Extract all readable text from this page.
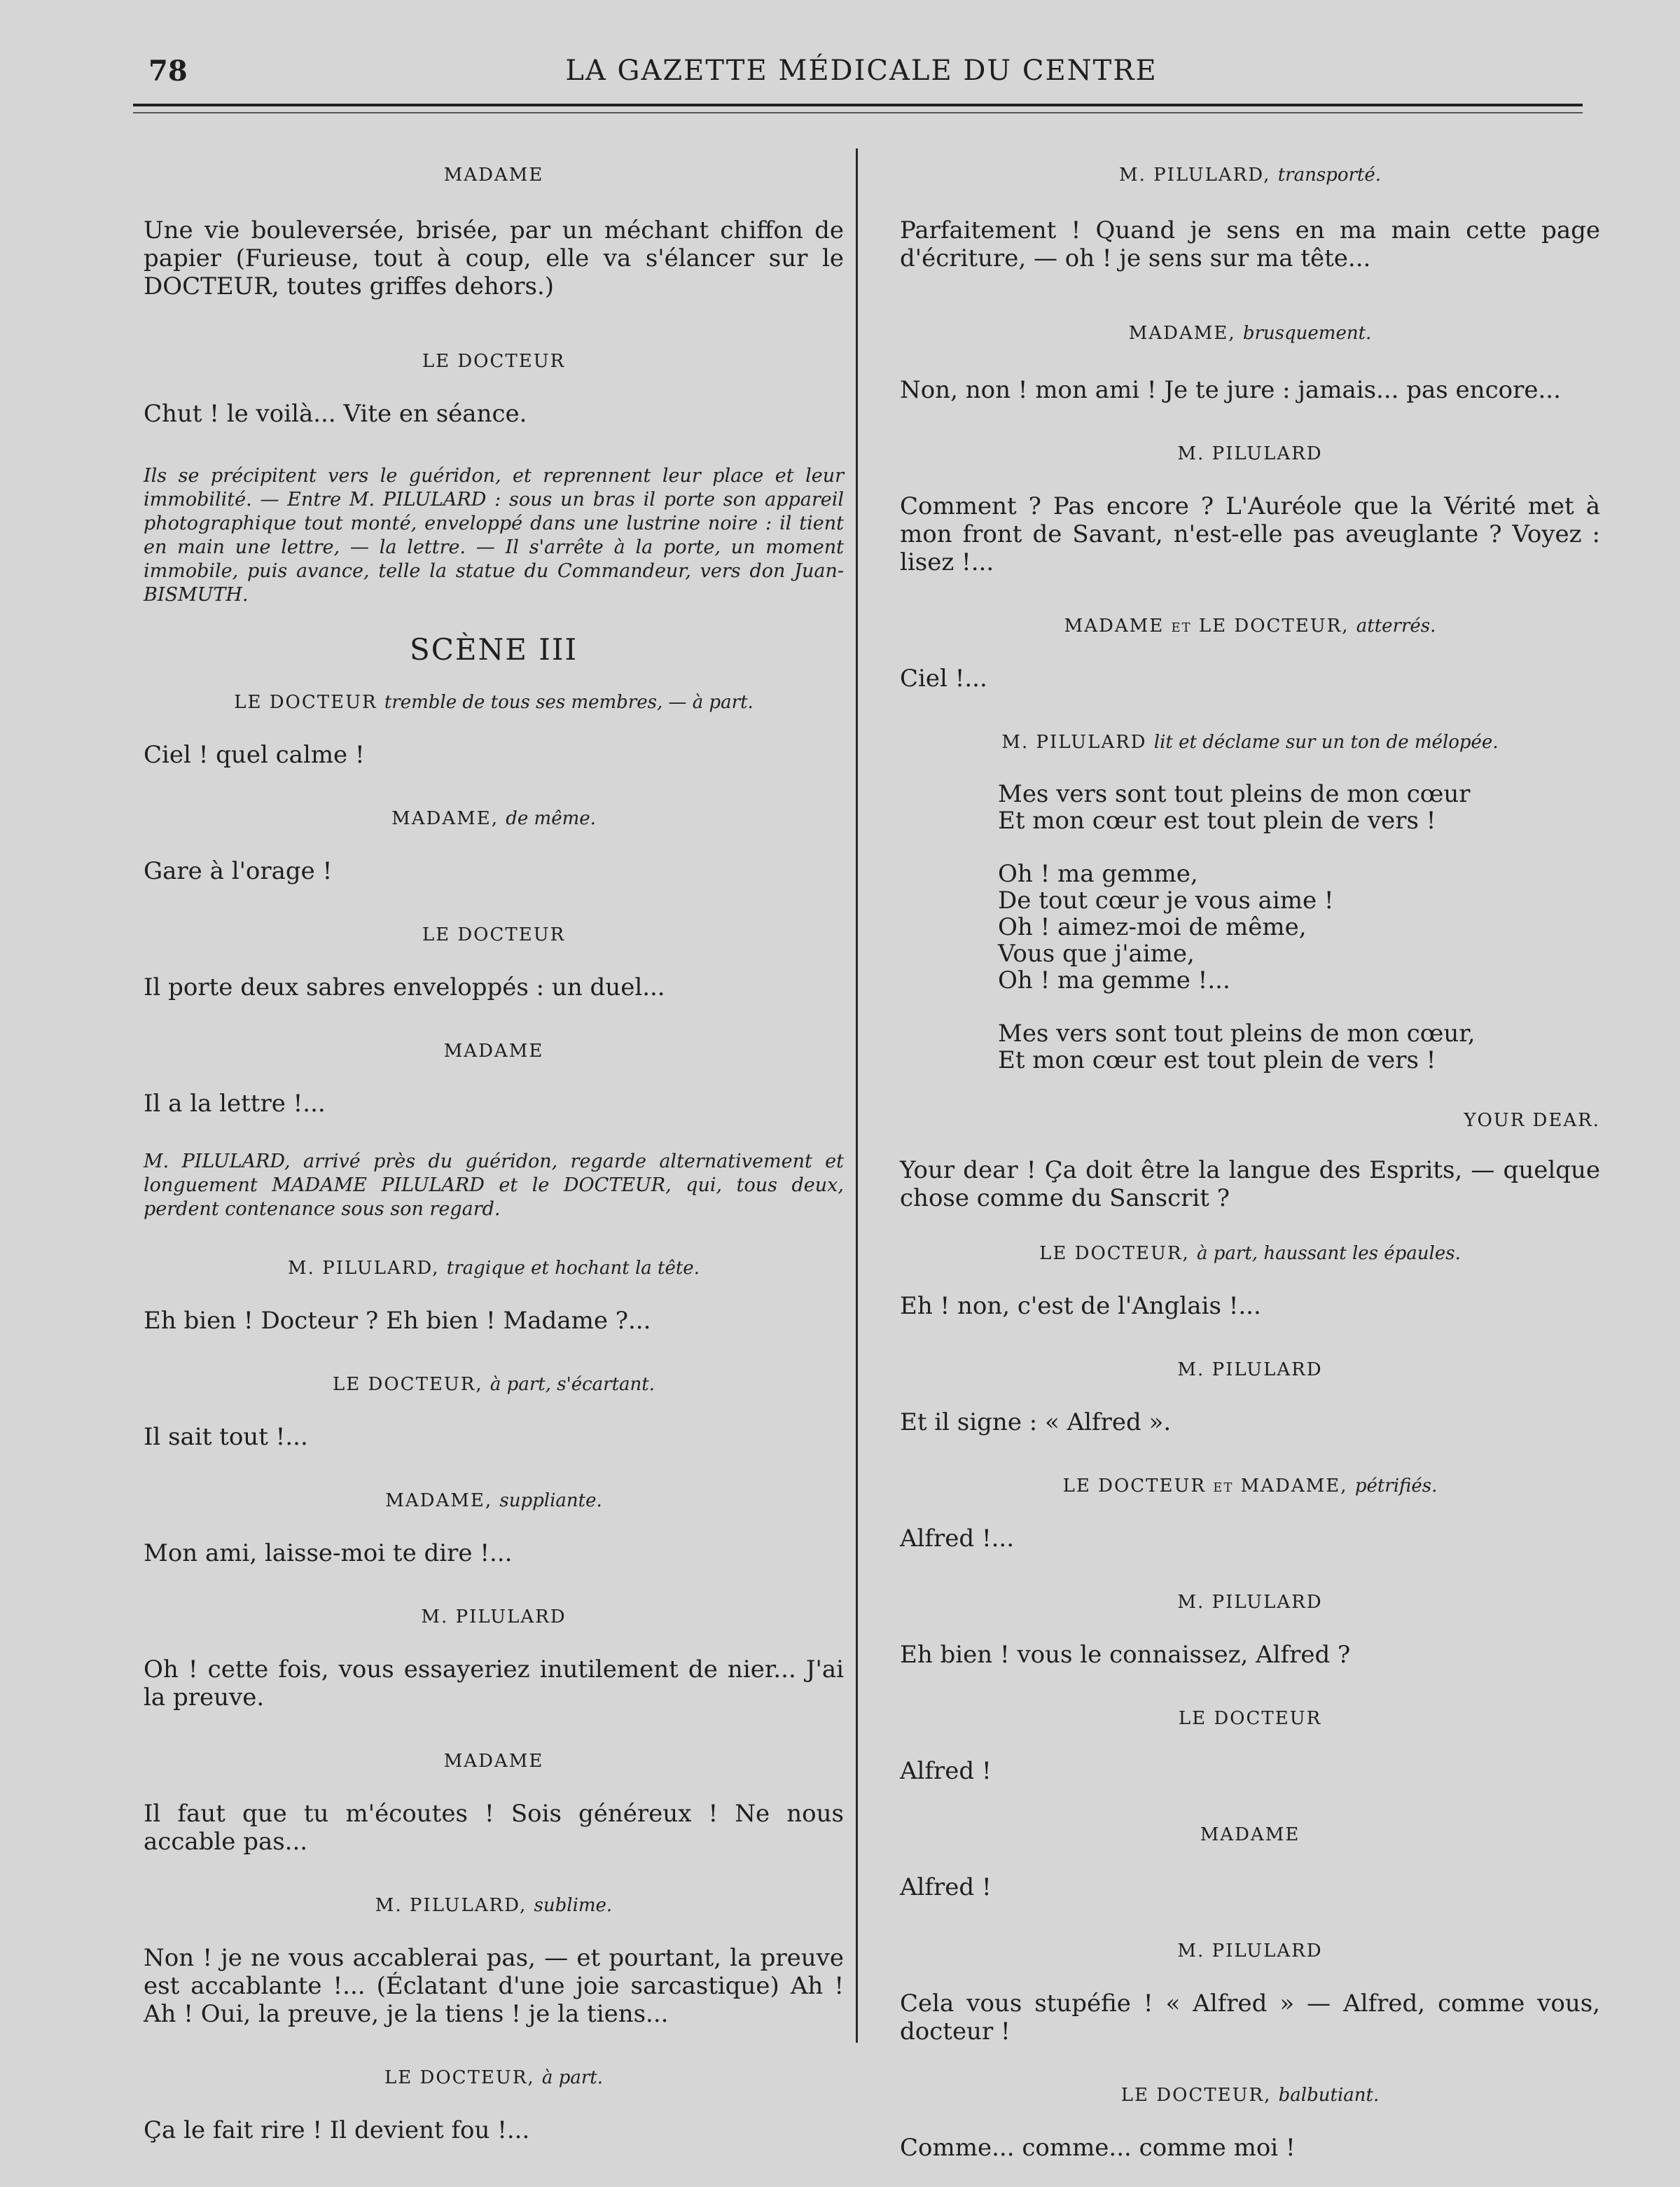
78	LA GAZETTE MÉDICALE DU CENTRE
MADAME
Une vie bouleversée, brisée, par un méchant chiffon de papier (Furieuse, tout à coup, elle va s'élancer sur le DOCTEUR, toutes griffes dehors.)
LE DOCTEUR
Chut ! le voilà... Vite en séance.
Ils se précipitent vers le guéridon, et reprennent leur place et leur immobilité. — Entre M. PILULARD : sous un bras il porte son appareil photographique tout monté, enveloppé dans une lustrine noire : il tient en main une lettre, — la lettre. — Il s'arrête à la porte, un moment immobile, puis avance, telle la statue du Commandeur, vers don Juan-BISMUTH.
SCÈNE III
LE DOCTEUR tremble de tous ses membres, — à part.
Ciel ! quel calme !
MADAME, de même.
Gare à l'orage !
LE DOCTEUR
Il porte deux sabres enveloppés : un duel...
MADAME
Il a la lettre !...
M. PILULARD, arrivé près du guéridon, regarde alternativement et longuement MADAME PILULARD et le DOCTEUR, qui, tous deux, perdent contenance sous son regard.
M. PILULARD, tragique et hochant la tête.
Eh bien ! Docteur ? Eh bien ! Madame ?...
LE DOCTEUR, à part, s'écartant.
Il sait tout !...
MADAME, suppliante.
Mon ami, laisse-moi te dire !...
M. PILULARD
Oh ! cette fois, vous essayeriez inutilement de nier... J'ai la preuve.
MADAME
Il faut que tu m'écoutes ! Sois généreux ! Ne nous accable pas...
M. PILULARD, sublime.
Non ! je ne vous accablerai pas, — et pourtant, la preuve est accablante !... (Éclatant d'une joie sarcastique) Ah ! Ah ! Oui, la preuve, je la tiens ! je la tiens...
LE DOCTEUR, à part.
Ça le fait rire ! Il devient fou !...
M. PILULARD, transporté.
Parfaitement ! Quand je sens en ma main cette page d'écriture, — oh ! je sens sur ma tête...
MADAME, brusquement.
Non, non ! mon ami ! Je te jure : jamais... pas encore...
M. PILULARD
Comment ? Pas encore ? L'Auréole que la Vérité met à mon front de Savant, n'est-elle pas aveuglante ? Voyez : lisez !...
MADAME et LE DOCTEUR, atterrés.
Ciel !...
M. PILULARD lit et déclame sur un ton de mélopée.
Mes vers sont tout pleins de mon cœur
Et mon cœur est tout plein de vers !

Oh ! ma gemme,
De tout cœur je vous aime !
Oh ! aimez-moi de même,
Vous que j'aime,
Oh ! ma gemme !...

Mes vers sont tout pleins de mon cœur,
Et mon cœur est tout plein de vers !
YOUR DEAR.
Your dear ! Ça doit être la langue des Esprits, — quelque chose comme du Sanscrit ?
LE DOCTEUR, à part, haussant les épaules.
Eh ! non, c'est de l'Anglais !...
M. PILULARD
Et il signe : « Alfred ».
LE DOCTEUR et MADAME, pétrifiés.
Alfred !...
M. PILULARD
Eh bien ! vous le connaissez, Alfred ?
LE DOCTEUR
Alfred !
MADAME
Alfred !
M. PILULARD
Cela vous stupéfie ! « Alfred » — Alfred, comme vous, docteur !
LE DOCTEUR, balbutiant.
Comme... comme... comme moi !
